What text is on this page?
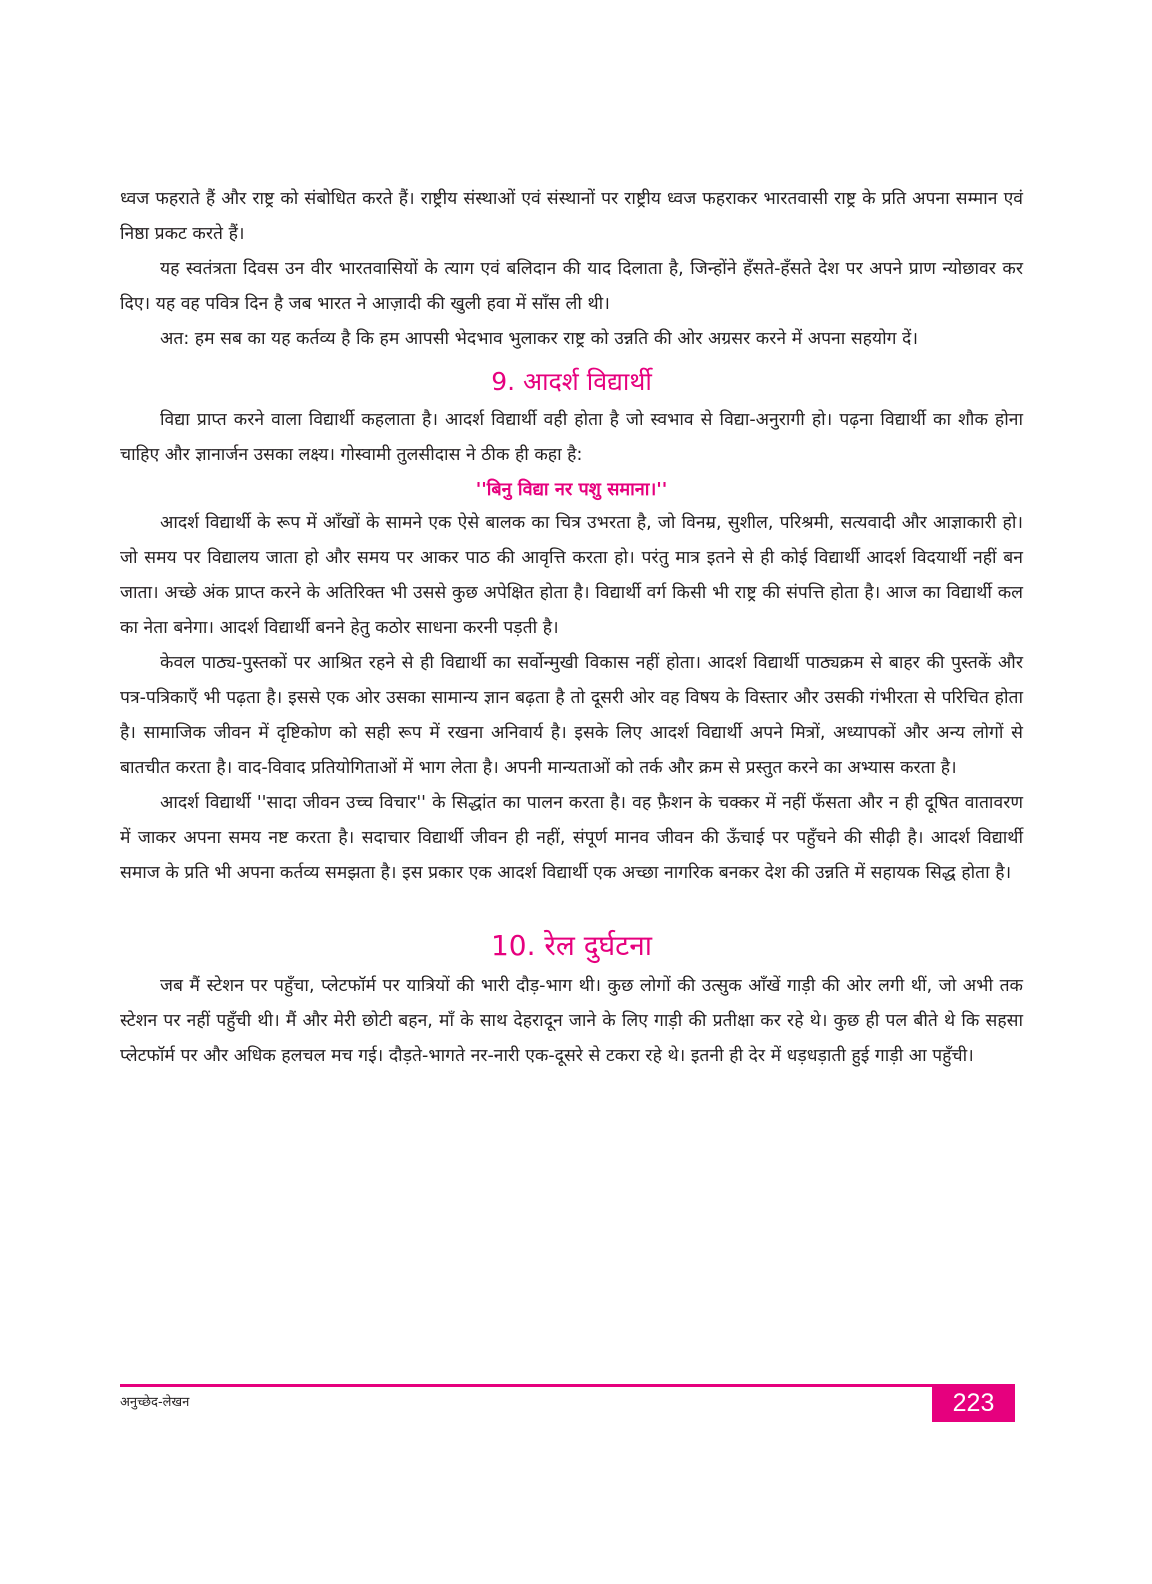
ध्वज फहराते हैं और राष्ट्र को संबोधित करते हैं। राष्ट्रीय संस्थाओं एवं संस्थानों पर राष्ट्रीय ध्वज फहराकर भारतवासी राष्ट्र के प्रति अपना सम्मान एवं निष्ठा प्रकट करते हैं।

यह स्वतंत्रता दिवस उन वीर भारतवासियों के त्याग एवं बलिदान की याद दिलाता है, जिन्होंने हँसते-हँसते देश पर अपने प्राण न्योछावर कर दिए। यह वह पवित्र दिन है जब भारत ने आज़ादी की खुली हवा में साँस ली थी।

अत: हम सब का यह कर्तव्य है कि हम आपसी भेदभाव भुलाकर राष्ट्र को उन्नति की ओर अग्रसर करने में अपना सहयोग दें।

9. आदर्श विद्यार्थी

विद्या प्राप्त करने वाला विद्यार्थी कहलाता है। आदर्श विद्यार्थी वही होता है जो स्वभाव से विद्या-अनुरागी हो। पढ़ना विद्यार्थी का शौक होना चाहिए और ज्ञानार्जन उसका लक्ष्य। गोस्वामी तुलसीदास ने ठीक ही कहा है:

''बिनु विद्या नर पशु समाना।''

आदर्श विद्यार्थी के रूप में आँखों के सामने एक ऐसे बालक का चित्र उभरता है, जो विनम्र, सुशील, परिश्रमी, सत्यवादी और आज्ञाकारी हो। जो समय पर विद्यालय जाता हो और समय पर आकर पाठ की आवृत्ति करता हो। परंतु मात्र इतने से ही कोई विद्यार्थी आदर्श विदयार्थी नहीं बन जाता। अच्छे अंक प्राप्त करने के अतिरिक्त भी उससे कुछ अपेक्षित होता है। विद्यार्थी वर्ग किसी भी राष्ट्र की संपत्ति होता है। आज का विद्यार्थी कल का नेता बनेगा। आदर्श विद्यार्थी बनने हेतु कठोर साधना करनी पड़ती है।

केवल पाठ्य-पुस्तकों पर आश्रित रहने से ही विद्यार्थी का सर्वोन्मुखी विकास नहीं होता। आदर्श विद्यार्थी पाठ्यक्रम से बाहर की पुस्तकें और पत्र-पत्रिकाएँ भी पढ़ता है। इससे एक ओर उसका सामान्य ज्ञान बढ़ता है तो दूसरी ओर वह विषय के विस्तार और उसकी गंभीरता से परिचित होता है। सामाजिक जीवन में दृष्टिकोण को सही रूप में रखना अनिवार्य है। इसके लिए आदर्श विद्यार्थी अपने मित्रों, अध्यापकों और अन्य लोगों से बातचीत करता है। वाद-विवाद प्रतियोगिताओं में भाग लेता है। अपनी मान्यताओं को तर्क और क्रम से प्रस्तुत करने का अभ्यास करता है।

आदर्श विद्यार्थी ''सादा जीवन उच्च विचार'' के सिद्धांत का पालन करता है। वह फ़ैशन के चक्कर में नहीं फँसता और न ही दूषित वातावरण में जाकर अपना समय नष्ट करता है। सदाचार विद्यार्थी जीवन ही नहीं, संपूर्ण मानव जीवन की ऊँचाई पर पहुँचने की सीढ़ी है। आदर्श विद्यार्थी समाज के प्रति भी अपना कर्तव्य समझता है। इस प्रकार एक आदर्श विद्यार्थी एक अच्छा नागरिक बनकर देश की उन्नति में सहायक सिद्ध होता है।

10. रेल दुर्घटना

जब मैं स्टेशन पर पहुँचा, प्लेटफॉर्म पर यात्रियों की भारी दौड़-भाग थी। कुछ लोगों की उत्सुक आँखें गाड़ी की ओर लगी थीं, जो अभी तक स्टेशन पर नहीं पहुँची थी। मैं और मेरी छोटी बहन, माँ के साथ देहरादून जाने के लिए गाड़ी की प्रतीक्षा कर रहे थे। कुछ ही पल बीते थे कि सहसा प्लेटफॉर्म पर और अधिक हलचल मच गई। दौड़ते-भागते नर-नारी एक-दूसरे से टकरा रहे थे। इतनी ही देर में धड़धड़ाती हुई गाड़ी आ पहुँची।

अनुच्छेद-लेखन	223
